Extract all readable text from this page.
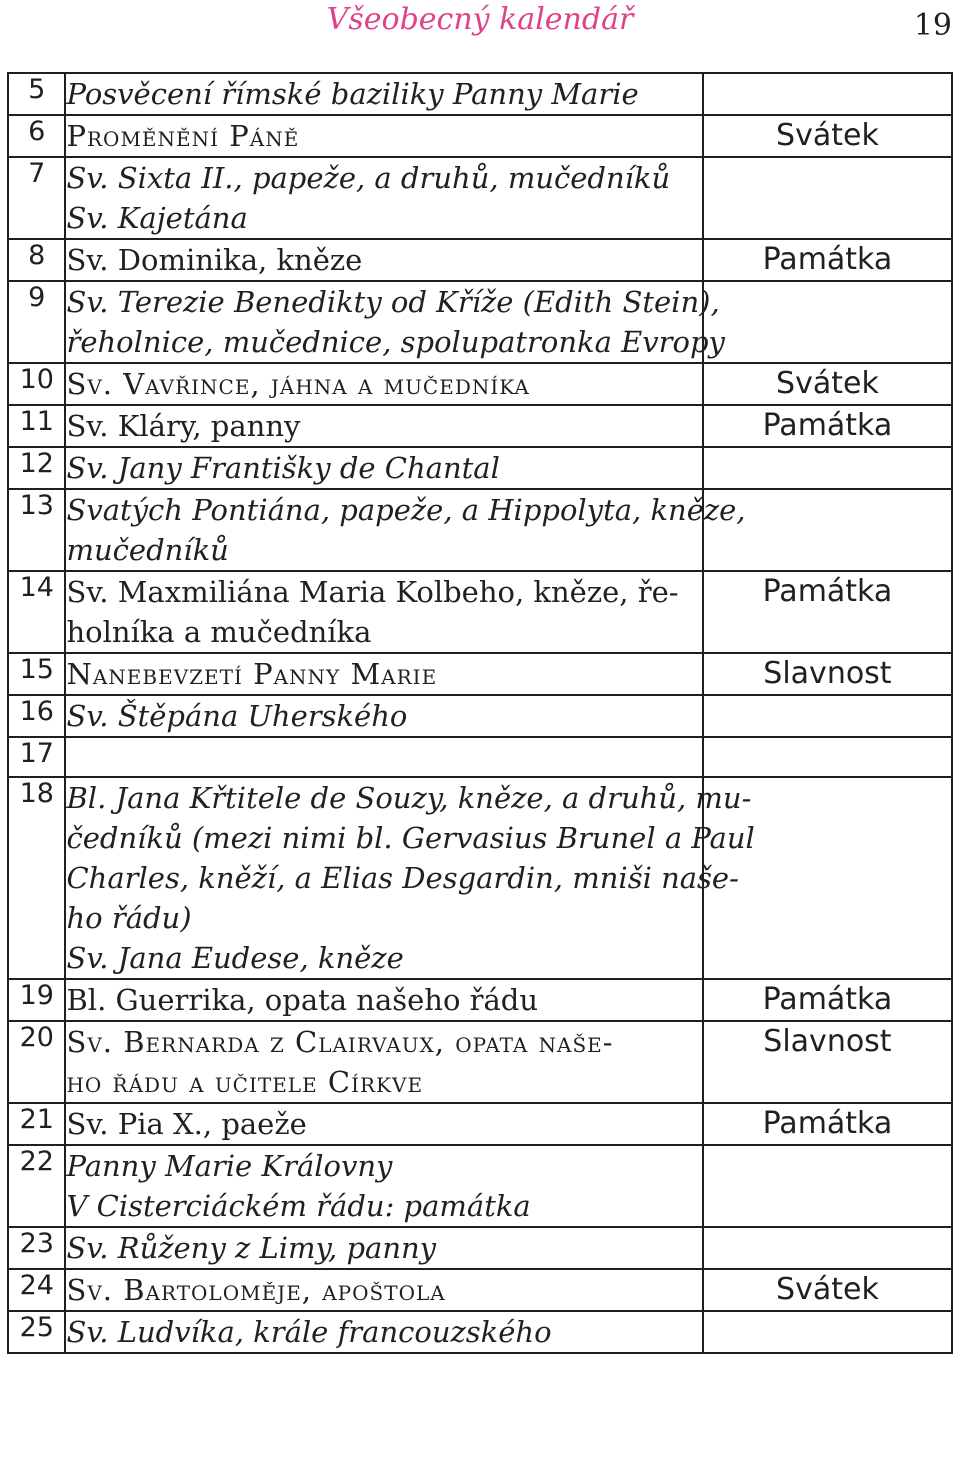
Všeobecný kalendář	19
5	Posvěcení římské baziliky Panny Marie	

6	Proměnění Páně	Svátek
7	Sv. Sixta II., papeže, a druhů, mučedníků
Sv. Kajetána	

8	Sv. Dominika, kněze	Památka
9	Sv. Terezie Benedikty od Kříže (Edith Stein),
řeholnice, mučednice, spolupatronka Evropy	

10	Sv. Vavřince, jáhna a mučedníka	Svátek
11	Sv. Kláry, panny	Památka
12	Sv. Jany Františky de Chantal	

13	Svatých Pontiána, papeže, a Hippolyta, kněze,
mučedníků	

14	Sv. Maxmiliána Maria Kolbeho, kněze, ře-
holníka a mučedníka	Památka
15	Nanebevzetí Panny Marie	Slavnost
16	Sv. Štěpána Uherského	

17		
18	Bl. Jana Křtitele de Souzy, kněze, a druhů, mu-
čedníků (mezi nimi bl. Gervasius Brunel a Paul
Charles, kněží, a Elias Desgardin, mniši naše-
ho řádu)
Sv. Jana Eudese, kněze	

19	Bl. Guerrika, opata našeho řádu	Památka
20	Sv. Bernarda z Clairvaux, opata naše-
ho řádu a učitele Církve	Slavnost
21	Sv. Pia X., paeže	Památka
22	Panny Marie Královny
V Cisterciáckém řádu: památka	

23	Sv. Růženy z Limy, panny	

24	Sv. Bartoloměje, apoštola	Svátek
25	Sv. Ludvíka, krále francouzského	
